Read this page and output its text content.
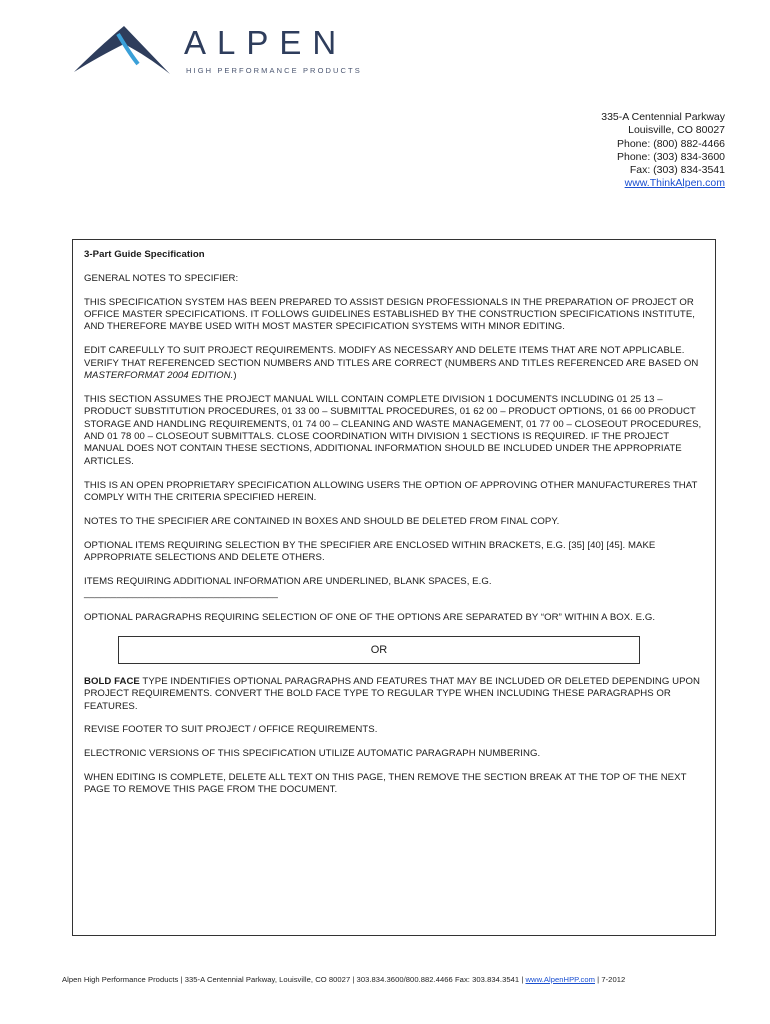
ALPEN
HIGH PERFORMANCE PRODUCTS
335-A Centennial Parkway
Louisville, CO 80027
Phone: (800) 882-4466
Phone: (303) 834-3600
Fax: (303) 834-3541
www.ThinkAlpen.com

3-Part Guide Specification

GENERAL NOTES TO SPECIFIER:

THIS SPECIFICATION SYSTEM HAS BEEN PREPARED TO ASSIST DESIGN PROFESSIONALS IN THE PREPARATION OF PROJECT OR OFFICE MASTER SPECIFICATIONS. IT FOLLOWS GUIDELINES ESTABLISHED BY THE CONSTRUCTION SPECIFICATIONS INSTITUTE, AND THEREFORE MAYBE USED WITH MOST MASTER SPECIFICATION SYSTEMS WITH MINOR EDITING.

EDIT CAREFULLY TO SUIT PROJECT REQUIREMENTS. MODIFY AS NECESSARY AND DELETE ITEMS THAT ARE NOT APPLICABLE. VERIFY THAT REFERENCED SECTION NUMBERS AND TITLES ARE CORRECT (NUMBERS AND TITLES REFERENCED ARE BASED ON MASTERFORMAT 2004 EDITION.)

THIS SECTION ASSUMES THE PROJECT MANUAL WILL CONTAIN COMPLETE DIVISION 1 DOCUMENTS INCLUDING 01 25 13 – PRODUCT SUBSTITUTION PROCEDURES, 01 33 00 – SUBMITTAL PROCEDURES, 01 62 00 – PRODUCT OPTIONS, 01 66 00 PRODUCT STORAGE AND HANDLING REQUIREMENTS, 01 74 00 – CLEANING AND WASTE MANAGEMENT, 01 77 00 – CLOSEOUT PROCEDURES, AND 01 78 00 – CLOSEOUT SUBMITTALS. CLOSE COORDINATION WITH DIVISION 1 SECTIONS IS REQUIRED. IF THE PROJECT MANUAL DOES NOT CONTAIN THESE SECTIONS, ADDITIONAL INFORMATION SHOULD BE INCLUDED UNDER THE APPROPRIATE ARTICLES.

THIS IS AN OPEN PROPRIETARY SPECIFICATION ALLOWING USERS THE OPTION OF APPROVING OTHER MANUFACTURERES THAT COMPLY WITH THE CRITERIA SPECIFIED HEREIN.

NOTES TO THE SPECIFIER ARE CONTAINED IN BOXES AND SHOULD BE DELETED FROM FINAL COPY.

OPTIONAL ITEMS REQUIRING SELECTION BY THE SPECIFIER ARE ENCLOSED WITHIN BRACKETS, E.G. [35] [40] [45]. MAKE APPROPRIATE SELECTIONS AND DELETE OTHERS.

ITEMS REQUIRING ADDITIONAL INFORMATION ARE UNDERLINED, BLANK SPACES, E.G.
____________________________________

OPTIONAL PARAGRAPHS REQUIRING SELECTION OF ONE OF THE OPTIONS ARE SEPARATED BY “OR” WITHIN A BOX. E.G.

OR

BOLD FACE TYPE INDENTIFIES OPTIONAL PARAGRAPHS AND FEATURES THAT MAY BE INCLUDED OR DELETED DEPENDING UPON PROJECT REQUIREMENTS. CONVERT THE BOLD FACE TYPE TO REGULAR TYPE WHEN INCLUDING THESE PARAGRAPHS OR FEATURES.

REVISE FOOTER TO SUIT PROJECT / OFFICE REQUIREMENTS.

ELECTRONIC VERSIONS OF THIS SPECIFICATION UTILIZE AUTOMATIC PARAGRAPH NUMBERING.

WHEN EDITING IS COMPLETE, DELETE ALL TEXT ON THIS PAGE, THEN REMOVE THE SECTION BREAK AT THE TOP OF THE NEXT PAGE TO REMOVE THIS PAGE FROM THE DOCUMENT.

Alpen High Performance Products | 335-A Centennial Parkway, Louisville, CO 80027 | 303.834.3600/800.882.4466 Fax: 303.834.3541 | www.AlpenHPP.com | 7-2012
